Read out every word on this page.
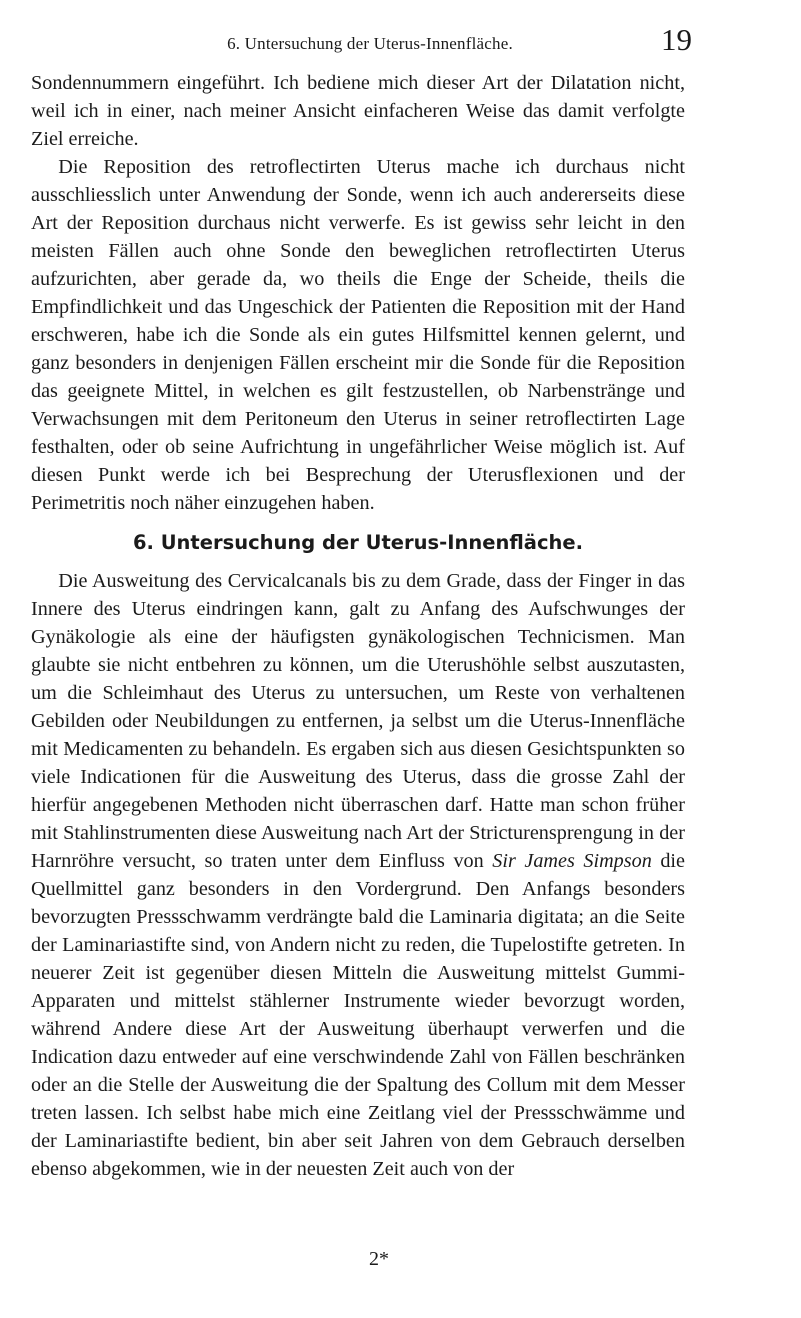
6. Untersuchung der Uterus-Innenfläche.	19

Sondennummern eingeführt. Ich bediene mich dieser Art der Dilatation nicht, weil ich in einer, nach meiner Ansicht einfacheren Weise das damit verfolgte Ziel erreiche.

Die Reposition des retroflectirten Uterus mache ich durchaus nicht ausschliesslich unter Anwendung der Sonde, wenn ich auch andererseits diese Art der Reposition durchaus nicht verwerfe. Es ist gewiss sehr leicht in den meisten Fällen auch ohne Sonde den beweglichen retroflectirten Uterus aufzurichten, aber gerade da, wo theils die Enge der Scheide, theils die Empfindlichkeit und das Ungeschick der Patienten die Reposition mit der Hand erschweren, habe ich die Sonde als ein gutes Hilfsmittel kennen gelernt, und ganz besonders in denjenigen Fällen erscheint mir die Sonde für die Reposition das geeignete Mittel, in welchen es gilt festzustellen, ob Narbenstränge und Verwachsungen mit dem Peritoneum den Uterus in seiner retroflectirten Lage festhalten, oder ob seine Aufrichtung in ungefährlicher Weise möglich ist. Auf diesen Punkt werde ich bei Besprechung der Uterusflexionen und der Perimetritis noch näher einzugehen haben.

6. Untersuchung der Uterus-Innenfläche.

Die Ausweitung des Cervicalcanals bis zu dem Grade, dass der Finger in das Innere des Uterus eindringen kann, galt zu Anfang des Aufschwunges der Gynäkologie als eine der häufigsten gynäkologischen Technicismen. Man glaubte sie nicht entbehren zu können, um die Uterushöhle selbst auszutasten, um die Schleimhaut des Uterus zu untersuchen, um Reste von verhaltenen Gebilden oder Neubildungen zu entfernen, ja selbst um die Uterus-Innenfläche mit Medicamenten zu behandeln. Es ergaben sich aus diesen Gesichtspunkten so viele Indicationen für die Ausweitung des Uterus, dass die grosse Zahl der hierfür angegebenen Methoden nicht überraschen darf. Hatte man schon früher mit Stahlinstrumenten diese Ausweitung nach Art der Stricturensprengung in der Harnröhre versucht, so traten unter dem Einfluss von Sir James Simpson die Quellmittel ganz besonders in den Vordergrund. Den Anfangs besonders bevorzugten Pressschwamm verdrängte bald die Laminaria digitata; an die Seite der Laminariastifte sind, von Andern nicht zu reden, die Tupelostifte getreten. In neuerer Zeit ist gegenüber diesen Mitteln die Ausweitung mittelst Gummi-Apparaten und mittelst stählerner Instrumente wieder bevorzugt worden, während Andere diese Art der Ausweitung überhaupt verwerfen und die Indication dazu entweder auf eine verschwindende Zahl von Fällen beschränken oder an die Stelle der Ausweitung die der Spaltung des Collum mit dem Messer treten lassen. Ich selbst habe mich eine Zeitlang viel der Pressschwämme und der Laminariastifte bedient, bin aber seit Jahren von dem Gebrauch derselben ebenso abgekommen, wie in der neuesten Zeit auch von der

2*
